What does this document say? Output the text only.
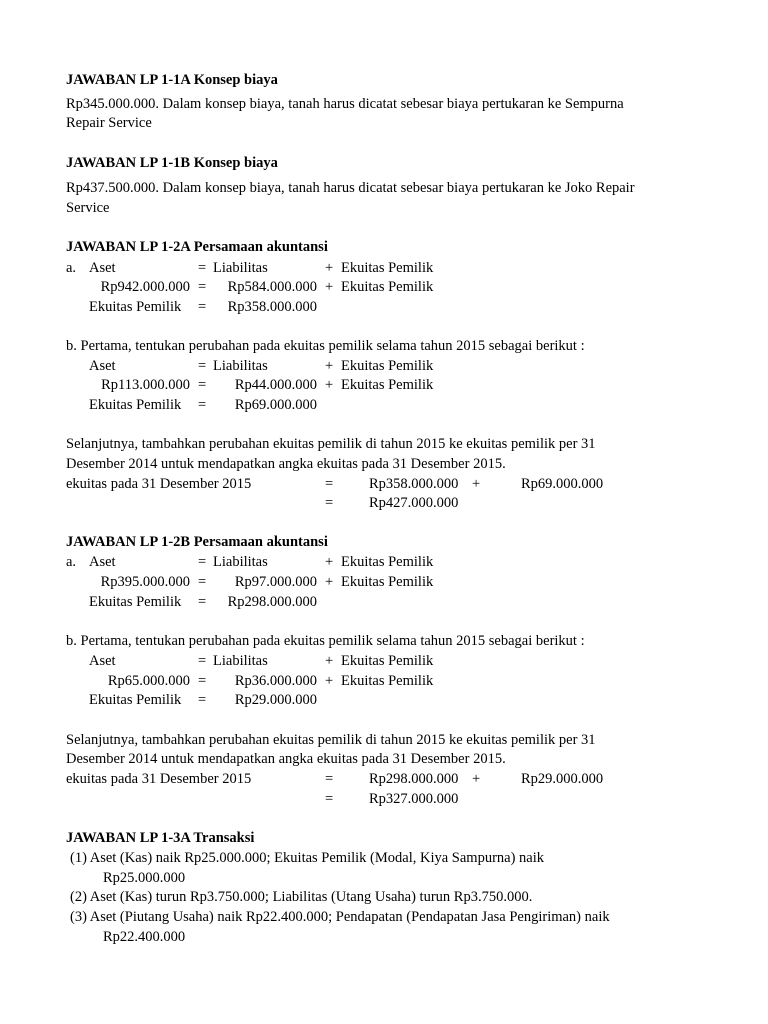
JAWABAN LP 1-1A Konsep biaya
Rp345.000.000. Dalam konsep biaya, tanah harus dicatat sebesar biaya pertukaran ke Sempurna
Repair Service
JAWABAN LP 1-1B Konsep biaya
Rp437.500.000. Dalam konsep biaya, tanah harus dicatat sebesar biaya pertukaran ke Joko Repair
Service
JAWABAN LP 1-2A Persamaan akuntansi
a. Aset	= Liabilitas	+ Ekuitas Pemilik
Rp942.000.000 =	Rp584.000.000 + Ekuitas Pemilik
Ekuitas Pemilik =	Rp358.000.000
b. Pertama, tentukan perubahan pada ekuitas pemilik selama tahun 2015 sebagai berikut :
Aset	= Liabilitas	+ Ekuitas Pemilik
Rp113.000.000 =	Rp44.000.000 + Ekuitas Pemilik
Ekuitas Pemilik =	Rp69.000.000
Selanjutnya, tambahkan perubahan ekuitas pemilik di tahun 2015 ke ekuitas pemilik per 31
Desember 2014 untuk mendapatkan angka ekuitas pada 31 Desember 2015.
ekuitas pada 31 Desember 2015	= Rp358.000.000 +	Rp69.000.000
= Rp427.000.000
JAWABAN LP 1-2B Persamaan akuntansi
a. Aset	= Liabilitas	+ Ekuitas Pemilik
Rp395.000.000 =	Rp97.000.000 + Ekuitas Pemilik
Ekuitas Pemilik =	Rp298.000.000
b. Pertama, tentukan perubahan pada ekuitas pemilik selama tahun 2015 sebagai berikut :
Aset	= Liabilitas	+ Ekuitas Pemilik
Rp65.000.000 =	Rp36.000.000 + Ekuitas Pemilik
Ekuitas Pemilik =	Rp29.000.000
Selanjutnya, tambahkan perubahan ekuitas pemilik di tahun 2015 ke ekuitas pemilik per 31
Desember 2014 untuk mendapatkan angka ekuitas pada 31 Desember 2015.
ekuitas pada 31 Desember 2015	= Rp298.000.000 +	Rp29.000.000
= Rp327.000.000
JAWABAN LP 1-3A Transaksi
(1) Aset (Kas) naik Rp25.000.000; Ekuitas Pemilik (Modal, Kiya Sampurna) naik
Rp25.000.000
(2) Aset (Kas) turun Rp3.750.000; Liabilitas (Utang Usaha) turun Rp3.750.000.
(3) Aset (Piutang Usaha) naik Rp22.400.000; Pendapatan (Pendapatan Jasa Pengiriman) naik
Rp22.400.000
